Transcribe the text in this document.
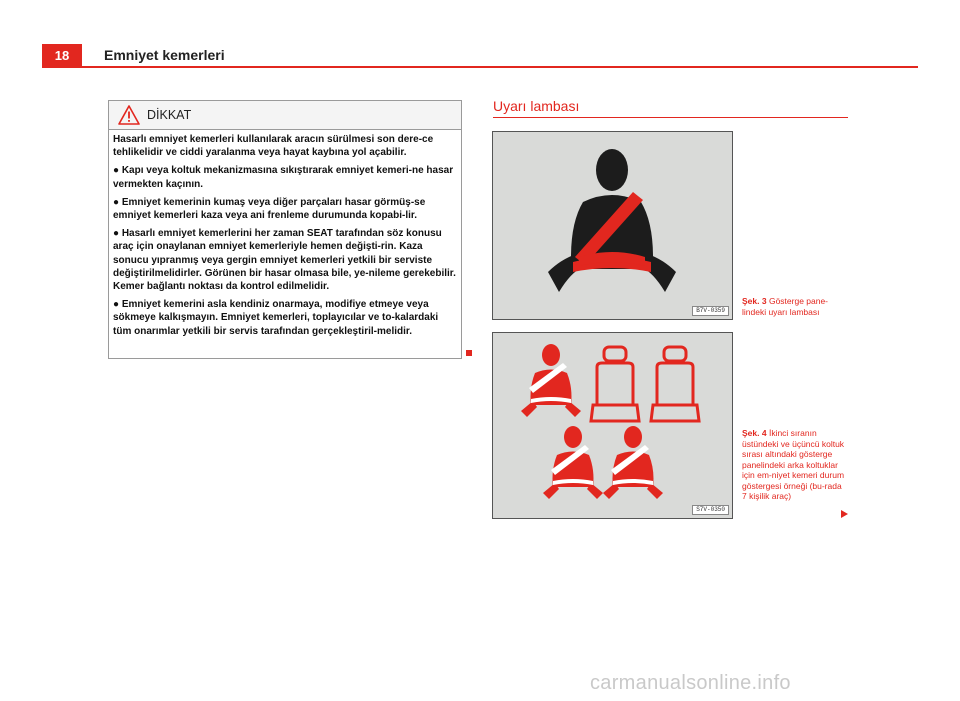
18	Emniyet kemerleri
DİKKAT

Hasarlı emniyet kemerleri kullanılarak aracın sürülmesi son dere-ce tehlikelidir ve ciddi yaralanma veya hayat kaybına yol açabilir.

● Kapı veya koltuk mekanizmasına sıkıştırarak emniyet kemeri-ne hasar vermekten kaçının.

● Emniyet kemerinin kumaş veya diğer parçaları hasar görmüş-se emniyet kemerleri kaza veya ani frenleme durumunda kopabi-lir.

● Hasarlı emniyet kemerlerini her zaman SEAT tarafından söz konusu araç için onaylanan emniyet kemerleriyle hemen değişti-rin. Kaza sonucu yıpranmış veya gergin emniyet kemerleri yetkili bir serviste değiştirilmelidirler. Görünen bir hasar olmasa bile, ye-nileme gerekebilir. Kemer bağlantı noktası da kontrol edilmelidir.

● Emniyet kemerini asla kendiniz onarmaya, modifiye etmeye veya sökmeye kalkışmayın. Emniyet kemerleri, toplayıcılar ve to-kalardaki tüm onarımlar yetkili bir servis tarafından gerçekleştiril-melidir.

Uyarı lambası
B7V-0359
Şek. 3 Gösterge pane-lindeki uyarı lambası
S7V-0350
Şek. 4 İkinci sıranın üstündeki ve üçüncü koltuk sırası altındaki gösterge panelindeki arka koltuklar için em-niyet kemeri durum göstergesi örneği (bu-rada 7 kişilik araç)
carmanualsonline.info
